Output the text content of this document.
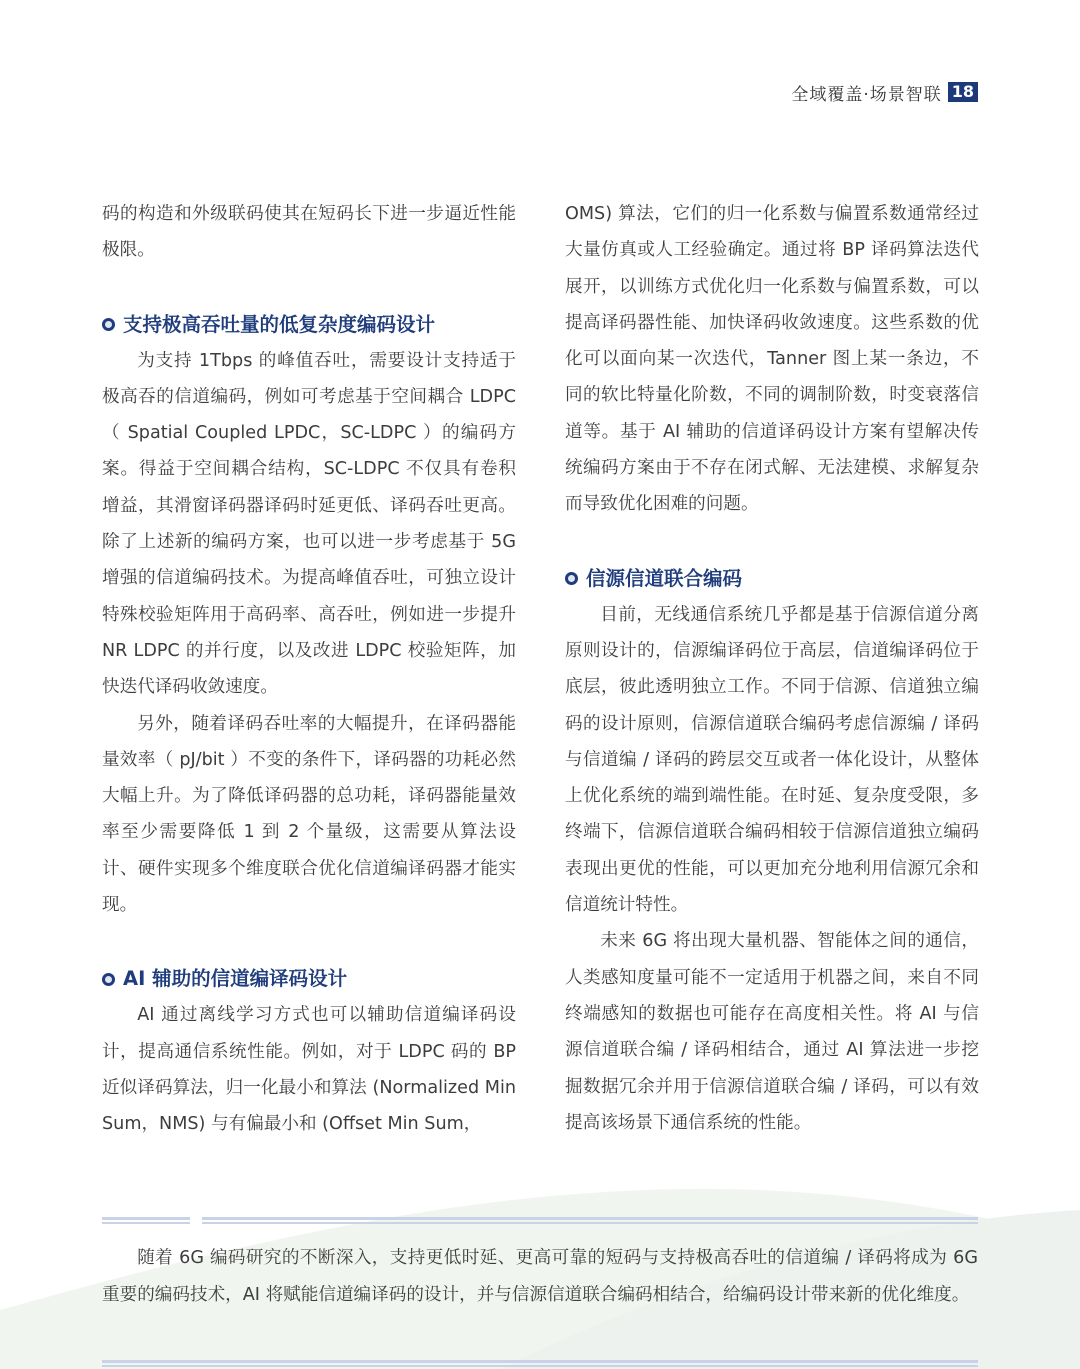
全域覆盖·场景智联 18

码的构造和外级联码使其在短码长下进一步逼近性能极限。

支持极高吞吐量的低复杂度编码设计

为支持 1Tbps 的峰值吞吐，需要设计支持适于极高吞的信道编码，例如可考虑基于空间耦合 LDPC（ Spatial Coupled LPDC，SC-LDPC ）的编码方案。得益于空间耦合结构，SC-LDPC 不仅具有卷积增益，其滑窗译码器译码时延更低、译码吞吐更高。除了上述新的编码方案，也可以进一步考虑基于 5G 增强的信道编码技术。为提高峰值吞吐，可独立设计特殊校验矩阵用于高码率、高吞吐，例如进一步提升 NR LDPC 的并行度，以及改进 LDPC 校验矩阵，加快迭代译码收敛速度。

另外，随着译码吞吐率的大幅提升，在译码器能量效率（ pJ/bit ）不变的条件下，译码器的功耗必然大幅上升。为了降低译码器的总功耗，译码器能量效率至少需要降低 1 到 2 个量级，这需要从算法设计、硬件实现多个维度联合优化信道编译码器才能实现。

AI 辅助的信道编译码设计

AI 通过离线学习方式也可以辅助信道编译码设计，提高通信系统性能。例如，对于 LDPC 码的 BP 近似译码算法，归一化最小和算法 (Normalized Min Sum，NMS) 与有偏最小和 (Offset Min Sum，

OMS) 算法，它们的归一化系数与偏置系数通常经过大量仿真或人工经验确定。通过将 BP 译码算法迭代展开，以训练方式优化归一化系数与偏置系数，可以提高译码器性能、加快译码收敛速度。这些系数的优化可以面向某一次迭代，Tanner 图上某一条边，不同的软比特量化阶数，不同的调制阶数，时变衰落信道等。基于 AI 辅助的信道译码设计方案有望解决传统编码方案由于不存在闭式解、无法建模、求解复杂而导致优化困难的问题。

信源信道联合编码

目前，无线通信系统几乎都是基于信源信道分离原则设计的，信源编译码位于高层，信道编译码位于底层，彼此透明独立工作。不同于信源、信道独立编码的设计原则，信源信道联合编码考虑信源编 / 译码与信道编 / 译码的跨层交互或者一体化设计，从整体上优化系统的端到端性能。在时延、复杂度受限，多终端下，信源信道联合编码相较于信源信道独立编码表现出更优的性能，可以更加充分地利用信源冗余和信道统计特性。

未来 6G 将出现大量机器、智能体之间的通信，人类感知度量可能不一定适用于机器之间，来自不同终端感知的数据也可能存在高度相关性。将 AI 与信源信道联合编 / 译码相结合，通过 AI 算法进一步挖掘数据冗余并用于信源信道联合编 / 译码，可以有效提高该场景下通信系统的性能。

随着 6G 编码研究的不断深入，支持更低时延、更高可靠的短码与支持极高吞吐的信道编 / 译码将成为 6G 重要的编码技术，AI 将赋能信道编译码的设计，并与信源信道联合编码相结合，给编码设计带来新的优化维度。
